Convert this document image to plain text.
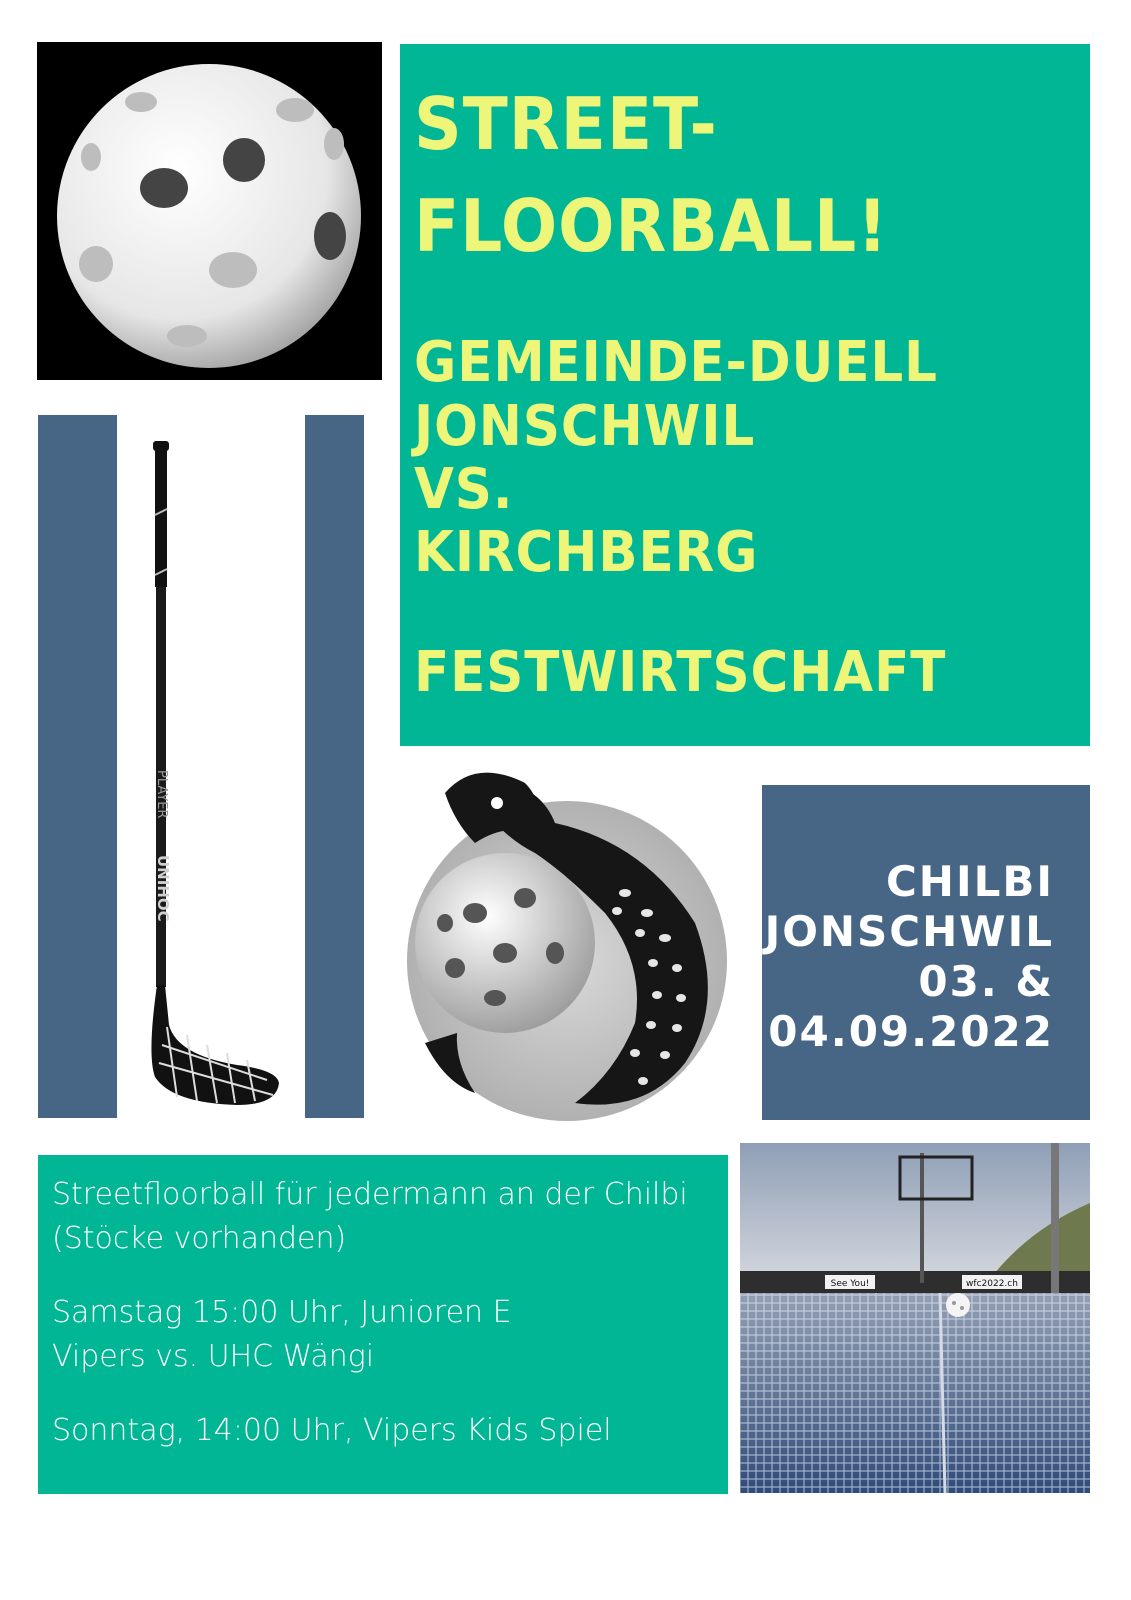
STREET-
FLOORBALL!
GEMEINDE-DUELL
JONSCHWIL
VS.
KIRCHBERG
FESTWIRTSCHAFT
PLAYER
UNIHOC	CHILBI
JONSCHWIL
03. &
04.09.2022
Streetfloorball für jedermann an der Chilbi
(Stöcke vorhanden)
Samstag 15:00 Uhr, Junioren E
Vipers vs. UHC Wängi
Sonntag, 14:00 Uhr, Vipers Kids Spiel
See You!	wfc2022.ch
